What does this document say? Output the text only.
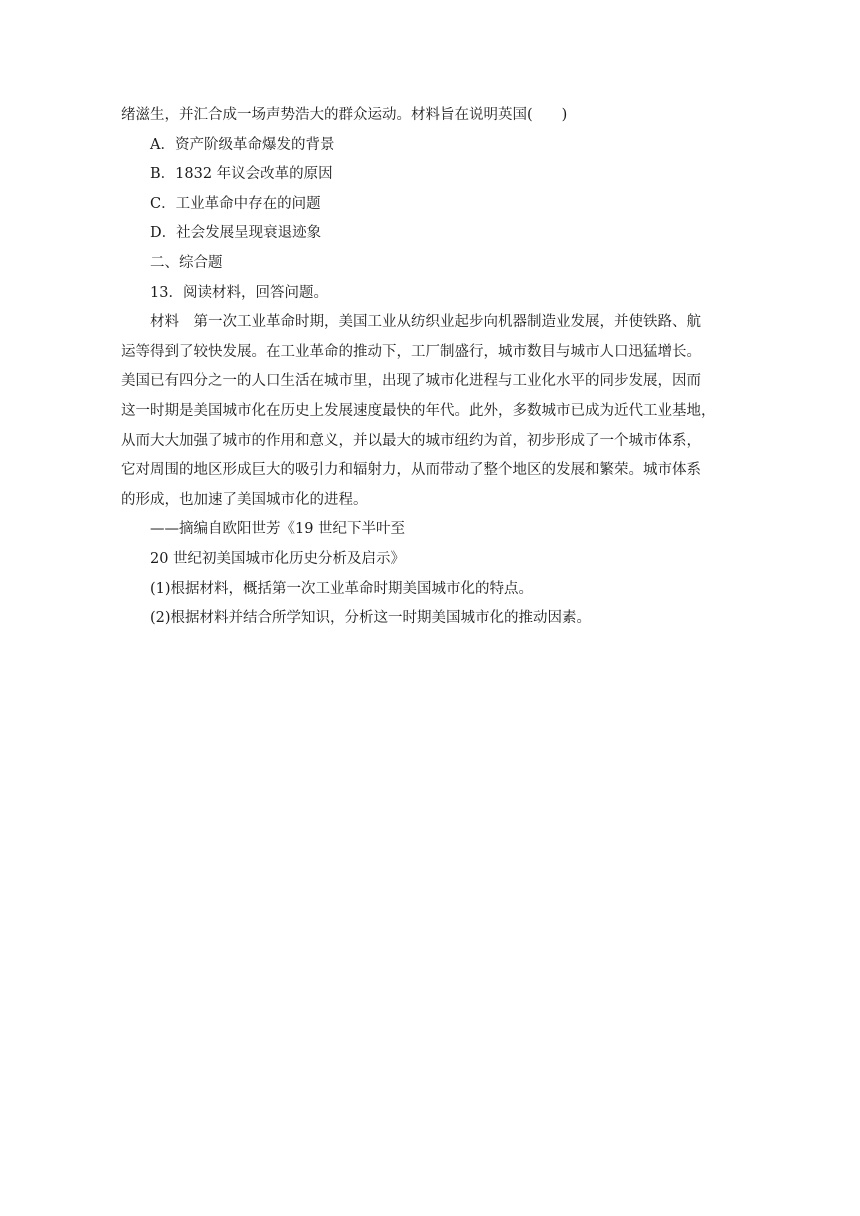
绪滋生，并汇合成一场声势浩大的群众运动。材料旨在说明英国(　　)
A．资产阶级革命爆发的背景
B．1832 年议会改革的原因
C．工业革命中存在的问题
D．社会发展呈现衰退迹象
二、综合题
13．阅读材料，回答问题。
材料　第一次工业革命时期，美国工业从纺织业起步向机器制造业发展，并使铁路、航
运等得到了较快发展。在工业革命的推动下，工厂制盛行，城市数目与城市人口迅猛增长。
美国已有四分之一的人口生活在城市里，出现了城市化进程与工业化水平的同步发展，因而
这一时期是美国城市化在历史上发展速度最快的年代。此外，多数城市已成为近代工业基地，
从而大大加强了城市的作用和意义，并以最大的城市纽约为首，初步形成了一个城市体系，
它对周围的地区形成巨大的吸引力和辐射力，从而带动了整个地区的发展和繁荣。城市体系
的形成，也加速了美国城市化的进程。
——摘编自欧阳世芳《19 世纪下半叶至
20 世纪初美国城市化历史分析及启示》
(1)根据材料，概括第一次工业革命时期美国城市化的特点。
(2)根据材料并结合所学知识，分析这一时期美国城市化的推动因素。
